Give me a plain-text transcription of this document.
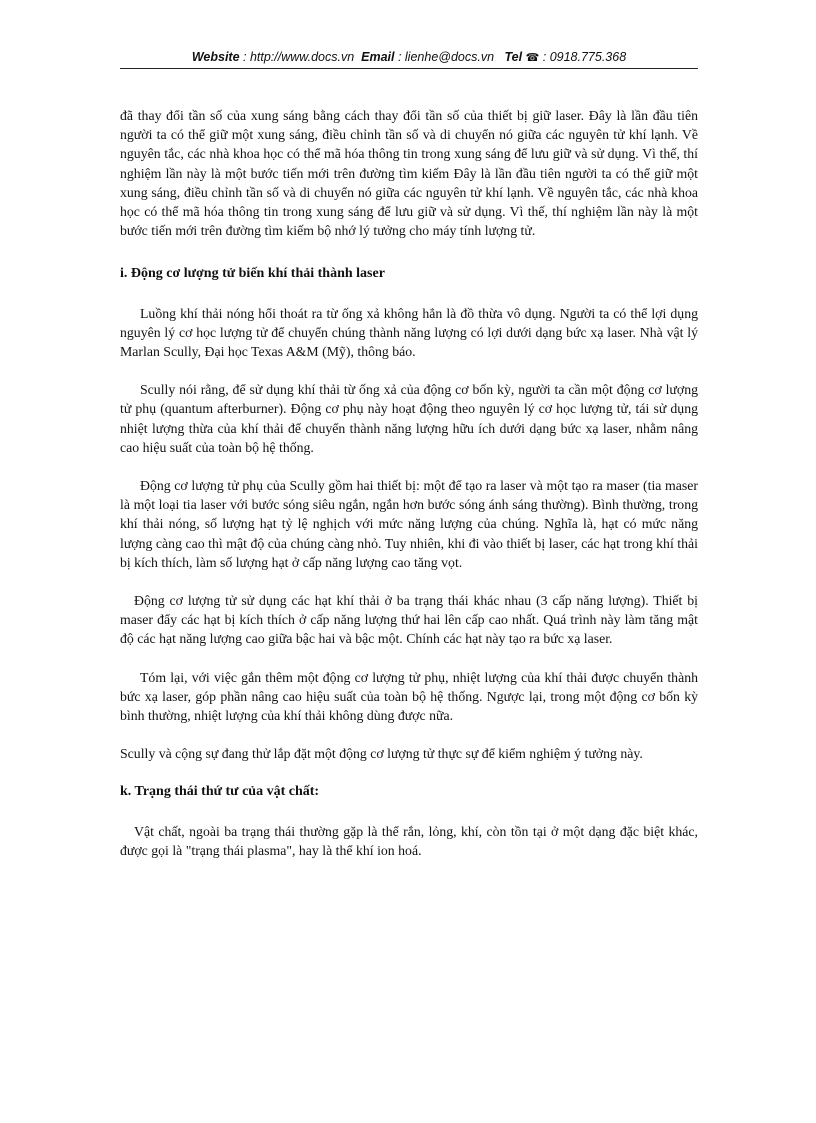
Website : http://www.docs.vn Email : lienhe@docs.vn Tel ☎ : 0918.775.368

đã thay đổi tần số của xung sáng bằng cách thay đổi tần số của thiết bị giữ laser. Đây là lần đầu tiên người ta có thể giữ một xung sáng, điều chỉnh tần số và di chuyển nó giữa các nguyên tử khí lạnh. Về nguyên tắc, các nhà khoa học có thể mã hóa thông tin trong xung sáng để lưu giữ và sử dụng. Vì thế, thí nghiệm lần này là một bước tiến mới trên đường tìm kiếm Đây là lần đầu tiên người ta có thể giữ một xung sáng, điều chỉnh tần số và di chuyển nó giữa các nguyên tử khí lạnh. Về nguyên tắc, các nhà khoa học có thể mã hóa thông tin trong xung sáng để lưu giữ và sử dụng. Vì thế, thí nghiệm lần này là một bước tiến mới trên đường tìm kiếm bộ nhớ lý tưởng cho máy tính lượng tử.

i. Động cơ lượng tử biến khí thải thành laser

Luồng khí thải nóng hổi thoát ra từ ống xả không hẳn là đồ thừa vô dụng. Người ta có thể lợi dụng nguyên lý cơ học lượng tử để chuyển chúng thành năng lượng có lợi dưới dạng bức xạ laser. Nhà vật lý Marlan Scully, Đại học Texas A&M (Mỹ), thông báo.

Scully nói rằng, để sử dụng khí thải từ ống xả của động cơ bốn kỳ, người ta cần một động cơ lượng tử phụ (quantum afterburner). Động cơ phụ này hoạt động theo nguyên lý cơ học lượng tử, tái sử dụng nhiệt lượng thừa của khí thải để chuyển thành năng lượng hữu ích dưới dạng bức xạ laser, nhằm nâng cao hiệu suất của toàn bộ hệ thống.

Động cơ lượng tử phụ của Scully gồm hai thiết bị: một để tạo ra laser và một tạo ra maser (tia maser là một loại tia laser với bước sóng siêu ngắn, ngắn hơn bước sóng ánh sáng thường). Bình thường, trong khí thải nóng, số lượng hạt tỷ lệ nghịch với mức năng lượng của chúng. Nghĩa là, hạt có mức năng lượng càng cao thì mật độ của chúng càng nhỏ. Tuy nhiên, khi đi vào thiết bị laser, các hạt trong khí thải bị kích thích, làm số lượng hạt ở cấp năng lượng cao tăng vọt.

Động cơ lượng tử sử dụng các hạt khí thải ở ba trạng thái khác nhau (3 cấp năng lượng). Thiết bị maser đẩy các hạt bị kích thích ở cấp năng lượng thứ hai lên cấp cao nhất. Quá trình này làm tăng mật độ các hạt năng lượng cao giữa bậc hai và bậc một. Chính các hạt này tạo ra bức xạ laser.

Tóm lại, với việc gắn thêm một động cơ lượng tử phụ, nhiệt lượng của khí thải được chuyển thành bức xạ laser, góp phần nâng cao hiệu suất của toàn bộ hệ thống. Ngược lại, trong một động cơ bốn kỳ bình thường, nhiệt lượng của khí thải không dùng được nữa.

Scully và cộng sự đang thử lắp đặt một động cơ lượng tử thực sự để kiểm nghiệm ý tưởng này.

k. Trạng thái thứ tư của vật chất:

Vật chất, ngoài ba trạng thái thường gặp là thể rắn, lỏng, khí, còn tồn tại ở một dạng đặc biệt khác, được gọi là "trạng thái plasma", hay là thể khí ion hoá.
